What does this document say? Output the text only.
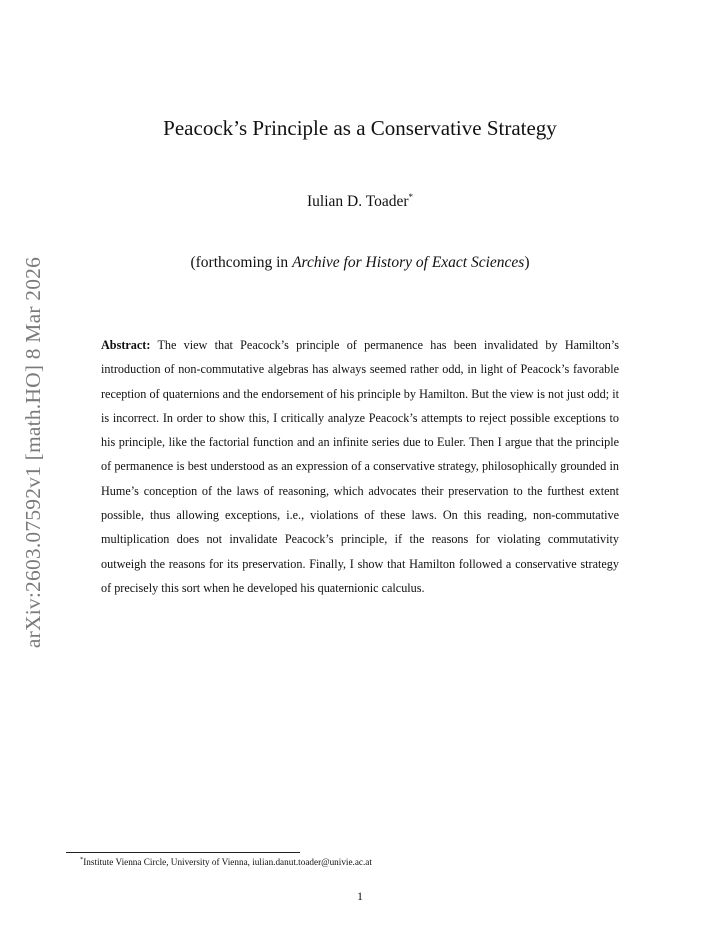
arXiv:2603.07592v1 [math.HO] 8 Mar 2026
Peacock’s Principle as a Conservative Strategy
Iulian D. Toader*
(forthcoming in Archive for History of Exact Sciences)
Abstract: The view that Peacock’s principle of permanence has been invalidated by Hamilton’s introduction of non-commutative algebras has always seemed rather odd, in light of Peacock’s favorable reception of quaternions and the endorsement of his principle by Hamilton. But the view is not just odd; it is incorrect. In order to show this, I critically analyze Peacock’s attempts to reject possible exceptions to his principle, like the factorial function and an infinite series due to Euler. Then I argue that the principle of permanence is best understood as an expression of a conservative strategy, philosophically grounded in Hume’s conception of the laws of reasoning, which advocates their preservation to the furthest extent possible, thus allowing exceptions, i.e., violations of these laws. On this reading, non-commutative multiplication does not invalidate Peacock’s principle, if the reasons for violating commutativity outweigh the reasons for its preservation. Finally, I show that Hamilton followed a conservative strategy of precisely this sort when he developed his quaternionic calculus.
*Institute Vienna Circle, University of Vienna, iulian.danut.toader@univie.ac.at
1
